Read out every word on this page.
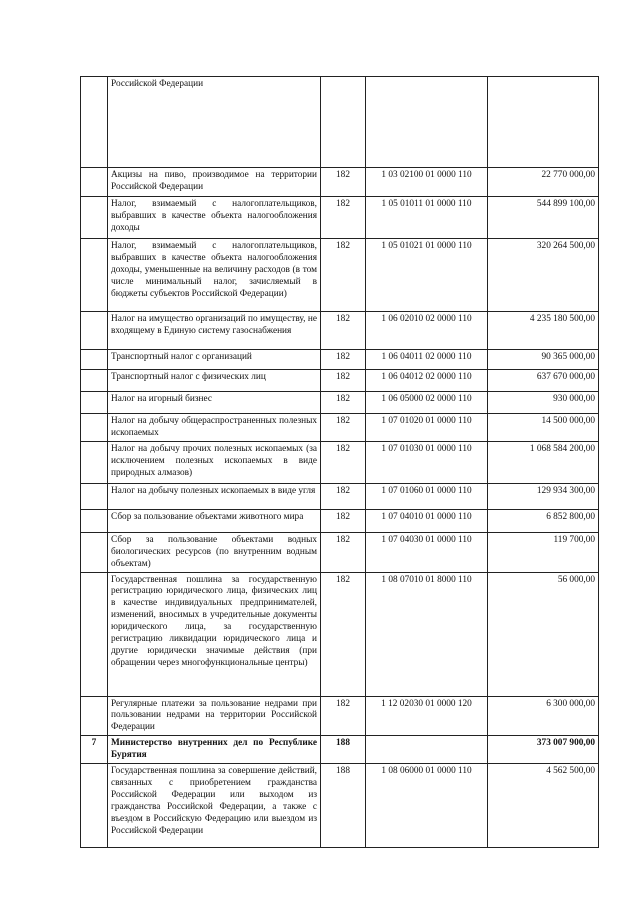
	Российской Федерации			
	Акцизы на пиво, производимое на территории Российской Федерации	182	1 03 02100 01 0000 110	22 770 000,00
	Налог, взимаемый с налогоплательщиков, выбравших в качестве объекта налогообложения доходы	182	1 05 01011 01 0000 110	544 899 100,00
	Налог, взимаемый с налогоплательщиков, выбравших в качестве объекта налогообложения доходы, уменьшенные на величину расходов (в том числе минимальный налог, зачисляемый в бюджеты субъектов Российской Федерации)	182	1 05 01021 01 0000 110	320 264 500,00
	Налог на имущество организаций по имуществу, не входящему в Единую систему газоснабжения	182	1 06 02010 02 0000 110	4 235 180 500,00
	Транспортный налог с организаций	182	1 06 04011 02 0000 110	90 365 000,00
	Транспортный налог с физических лиц	182	1 06 04012 02 0000 110	637 670 000,00
	Налог на игорный бизнес	182	1 06 05000 02 0000 110	930 000,00
	Налог на добычу общераспространенных полезных ископаемых	182	1 07 01020 01 0000 110	14 500 000,00
	Налог на добычу прочих полезных ископаемых (за исключением полезных ископаемых в виде природных алмазов)	182	1 07 01030 01 0000 110	1 068 584 200,00
	Налог на добычу полезных ископаемых в виде угля	182	1 07 01060 01 0000 110	129 934 300,00
	Сбор за пользование объектами животного мира	182	1 07 04010 01 0000 110	6 852 800,00
	Сбор за пользование объектами водных биологических ресурсов (по внутренним водным объектам)	182	1 07 04030 01 0000 110	119 700,00
	Государственная пошлина за государственную регистрацию юридического лица, физических лиц в качестве индивидуальных предпринимателей, изменений, вносимых в учредительные документы юридического лица, за государственную регистрацию ликвидации юридического лица и другие юридически значимые действия (при обращении через многофункциональные центры)	182	1 08 07010 01 8000 110	56 000,00
	Регулярные платежи за пользование недрами при пользовании недрами на территории Российской Федерации	182	1 12 02030 01 0000 120	6 300 000,00
7	Министерство внутренних дел по Республике Бурятия	188		373 007 900,00
	Государственная пошлина за совершение действий, связанных с приобретением гражданства Российской Федерации или выходом из гражданства Российской Федерации, а также с въездом в Российскую Федерацию или выездом из Российской Федерации	188	1 08 06000 01 0000 110	4 562 500,00
